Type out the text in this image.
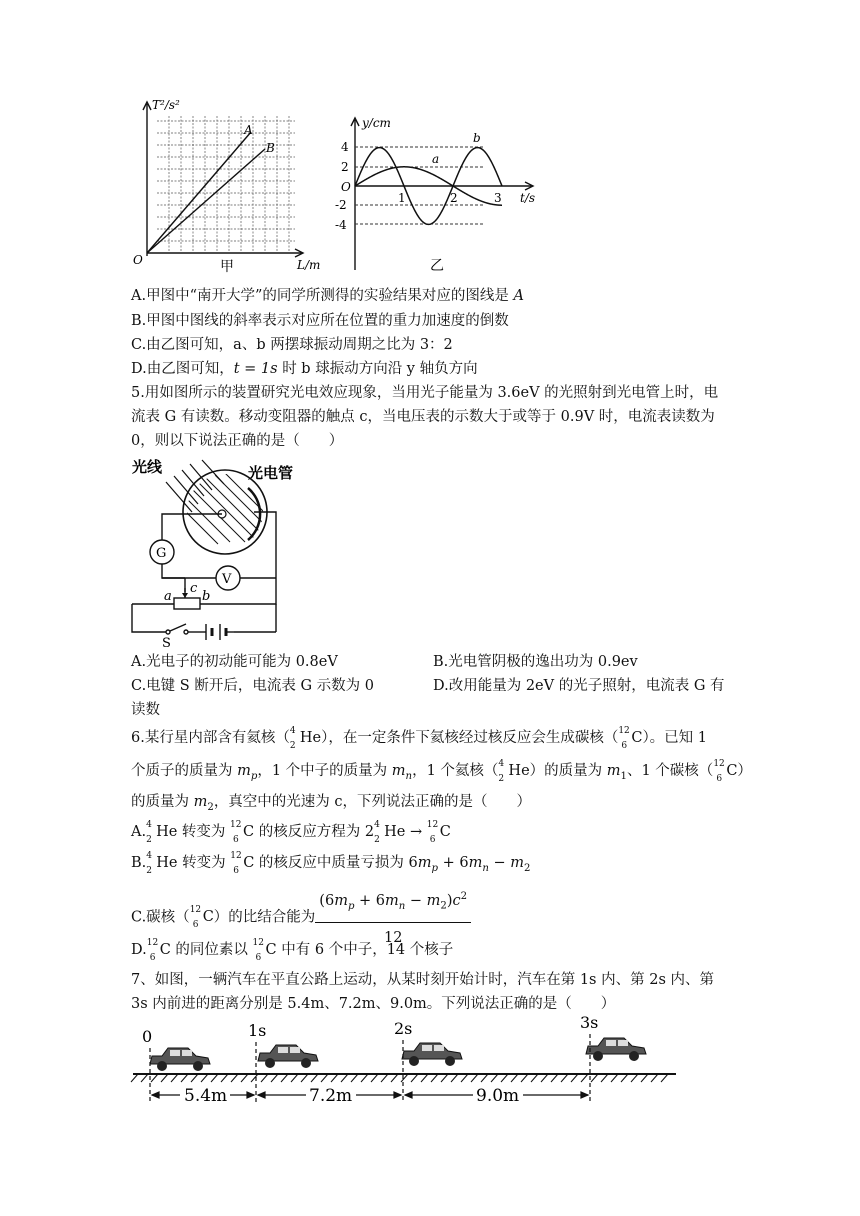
T²/s²
A
B
O	L/m
甲
4
2
-2
-4
1	2	3
y/cm
t/s
O
a
b
乙
A.甲图中“南开大学”的同学所测得的实验结果对应的图线是 A
B.甲图中图线的斜率表示对应所在位置的重力加速度的倒数
C.由乙图可知，a、b 两摆球振动周期之比为 3：2
D.由乙图可知，t = 1s 时 b 球振动方向沿 y 轴负方向
5.用如图所示的装置研究光电效应现象，当用光子能量为 3.6eV 的光照射到光电管上时，电
流表 G 有读数。移动变阻器的触点 c，当电压表的示数大于或等于 0.9V 时，电流表读数为
0，则以下说法正确的是（　　）
光线	光电管
G
V
a b
c
S
A.光电子的初动能可能为 0.8eV	B.光电管阴极的逸出功为 0.9ev
C.电键 S 断开后，电流表 G 示数为 0	D.改用能量为 2eV 的光子照射，电流表 G 有
读数
6.某行星内部含有氦核（ 4
2 He），在一定条件下氦核经过核反应会生成碳核（ 12
6 C）。已知 1
个质子的质量为 $m_p$，1 个中子的质量为 $m_n$，1 个氦核（ 4
2 He）的质量为 $m_1$、1 个碳核（ 12
6 C）
的质量为 $m_2$，真空中的光速为 c，下列说法正确的是（　　）
A. 4
2 He 转变为 12
6 C 的核反应方程为 2 4
2 He → 12
6 C
B. 4
2 He 转变为 12
6 C 的核反应中质量亏损为 $6m_p + 6m_n - m_2$
C.碳核（ 12
6 C）的比结合能为 $\frac{(6m_p + 6m_n - m_2)c^2}{12}$
D. 12
6 C 的同位素以 12
6 C 中有 6 个中子，14 个核子
7、如图，一辆汽车在平直公路上运动，从某时刻开始计时，汽车在第 1s 内、第 2s 内、第
3s 内前进的距离分别是 5.4m、7.2m、9.0m。下列说法正确的是（　　）
0	1s	2s	3s
5.4m	7.2m	9.0m
